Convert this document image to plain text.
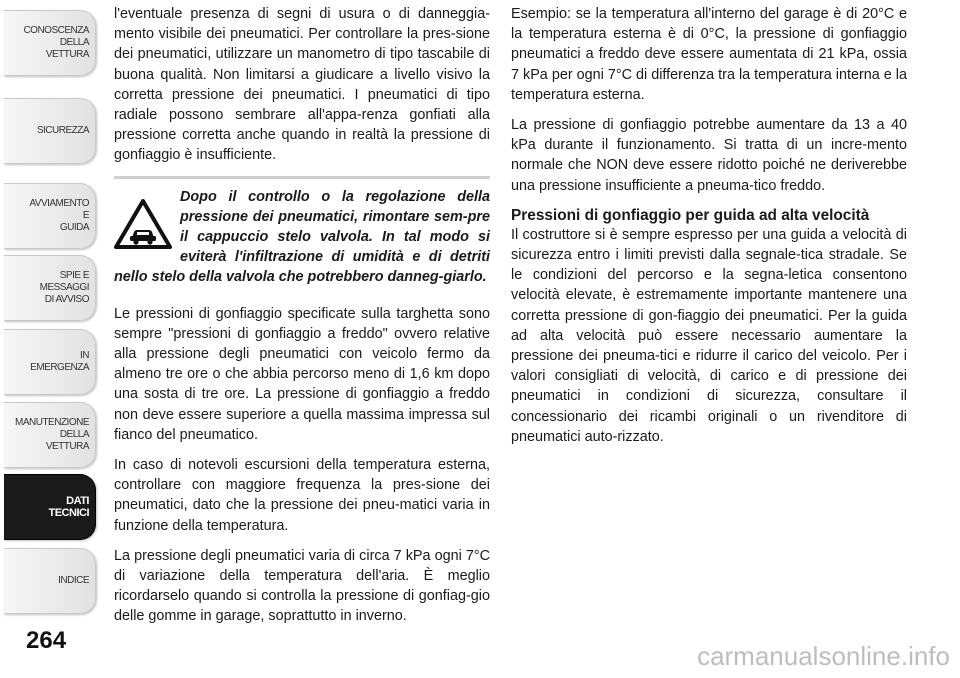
CONOSCENZA
DELLA
VETTURA
SICUREZZA
AVVIAMENTO
E
GUIDA
SPIE E
MESSAGGI
DI AVVISO
IN
EMERGENZA
MANUTENZIONE
DELLA
VETTURA
DATI
TECNICI
INDICE
264

l'eventuale presenza di segni di usura o di danneggia-mento visibile dei pneumatici. Per controllare la pres-sione dei pneumatici, utilizzare un manometro di tipo tascabile di buona qualità. Non limitarsi a giudicare a livello visivo la corretta pressione dei pneumatici. I pneumatici di tipo radiale possono sembrare all'appa-renza gonfiati alla pressione corretta anche quando in realtà la pressione di gonfiaggio è insufficiente.

Dopo il controllo o la regolazione della pressione dei pneumatici, rimontare sem-pre il cappuccio stelo valvola. In tal modo si eviterà l'infiltrazione di umidità e di detriti nello stelo della valvola che potrebbero danneg-giarlo.

Le pressioni di gonfiaggio specificate sulla targhetta sono sempre "pressioni di gonfiaggio a freddo" ovvero relative alla pressione degli pneumatici con veicolo fermo da almeno tre ore o che abbia percorso meno di 1,6 km dopo una sosta di tre ore. La pressione di gonfiaggio a freddo non deve essere superiore a quella massima impressa sul fianco del pneumatico.

In caso di notevoli escursioni della temperatura esterna, controllare con maggiore frequenza la pres-sione dei pneumatici, dato che la pressione dei pneu-matici varia in funzione della temperatura.

La pressione degli pneumatici varia di circa 7 kPa ogni 7°C di variazione della temperatura dell'aria. È meglio ricordarselo quando si controlla la pressione di gonfiag-gio delle gomme in garage, soprattutto in inverno.

Esempio: se la temperatura all'interno del garage è di 20°C e la temperatura esterna è di 0°C, la pressione di gonfiaggio pneumatici a freddo deve essere aumentata di 21 kPa, ossia 7 kPa per ogni 7°C di differenza tra la temperatura interna e la temperatura esterna.

La pressione di gonfiaggio potrebbe aumentare da 13 a 40 kPa durante il funzionamento. Si tratta di un incre-mento normale che NON deve essere ridotto poiché ne deriverebbe una pressione insufficiente a pneuma-tico freddo.

Pressioni di gonfiaggio per guida ad alta velocità

Il costruttore si è sempre espresso per una guida a velocità di sicurezza entro i limiti previsti dalla segnale-tica stradale. Se le condizioni del percorso e la segna-letica consentono velocità elevate, è estremamente importante mantenere una corretta pressione di gon-fiaggio dei pneumatici. Per la guida ad alta velocità può essere necessario aumentare la pressione dei pneuma-tici e ridurre il carico del veicolo. Per i valori consigliati di velocità, di carico e di pressione dei pneumatici in condizioni di sicurezza, consultare il concessionario dei ricambi originali o un rivenditore di pneumatici auto-rizzato.

carmanualsonline.info
